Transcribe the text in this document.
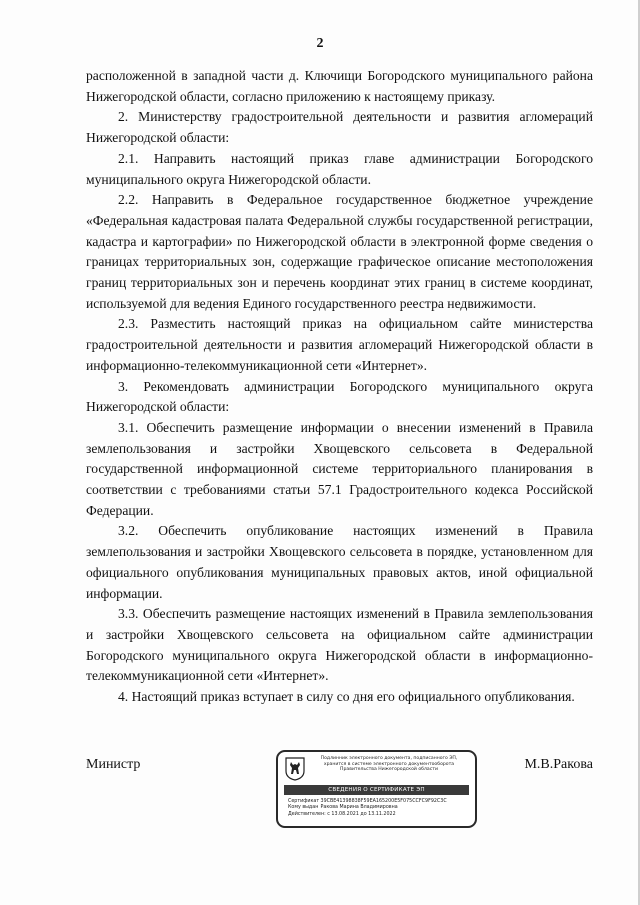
2

расположенной в западной части д. Ключищи Богородского муниципального района Нижегородской области, согласно приложению к настоящему приказу.

2. Министерству градостроительной деятельности и развития агломераций Нижегородской области:

2.1. Направить настоящий приказ главе администрации Богородского муниципального округа Нижегородской области.

2.2. Направить в Федеральное государственное бюджетное учреждение «Федеральная кадастровая палата Федеральной службы государственной регистрации, кадастра и картографии» по Нижегородской области в электронной форме сведения о границах территориальных зон, содержащие графическое описание местоположения границ территориальных зон и перечень координат этих границ в системе координат, используемой для ведения Единого государственного реестра недвижимости.

2.3. Разместить настоящий приказ на официальном сайте министерства градостроительной деятельности и развития агломераций Нижегородской области в информационно-телекоммуникационной сети «Интернет».

3. Рекомендовать администрации Богородского муниципального округа Нижегородской области:

3.1. Обеспечить размещение информации о внесении изменений в Правила землепользования и застройки Хвощевского сельсовета в Федеральной государственной информационной системе территориального планирования в соответствии с требованиями статьи 57.1 Градостроительного кодекса Российской Федерации.

3.2. Обеспечить опубликование настоящих изменений в Правила землепользования и застройки Хвощевского сельсовета в порядке, установленном для официального опубликования муниципальных правовых актов, иной официальной информации.

3.3. Обеспечить размещение настоящих изменений в Правила землепользования и застройки Хвощевского сельсовета на официальном сайте администрации Богородского муниципального округа Нижегородской области в информационно-телекоммуникационной сети «Интернет».

4. Настоящий приказ вступает в силу со дня его официального опубликования.

Министр	М.В.Ракова
Подлинник электронного документа, подписанного ЭП,
хранится в системе электронного документооборота
Правительства Нижегородской области
СВЕДЕНИЯ О СЕРТИФИКАТЕ ЭП
Сертификат 39CBE41398838F59EA165200E5F075CCFC9F92C3C
Кому выдан Ракова Марина Владимировна
Действителен: с 13.08.2021 до 13.11.2022
